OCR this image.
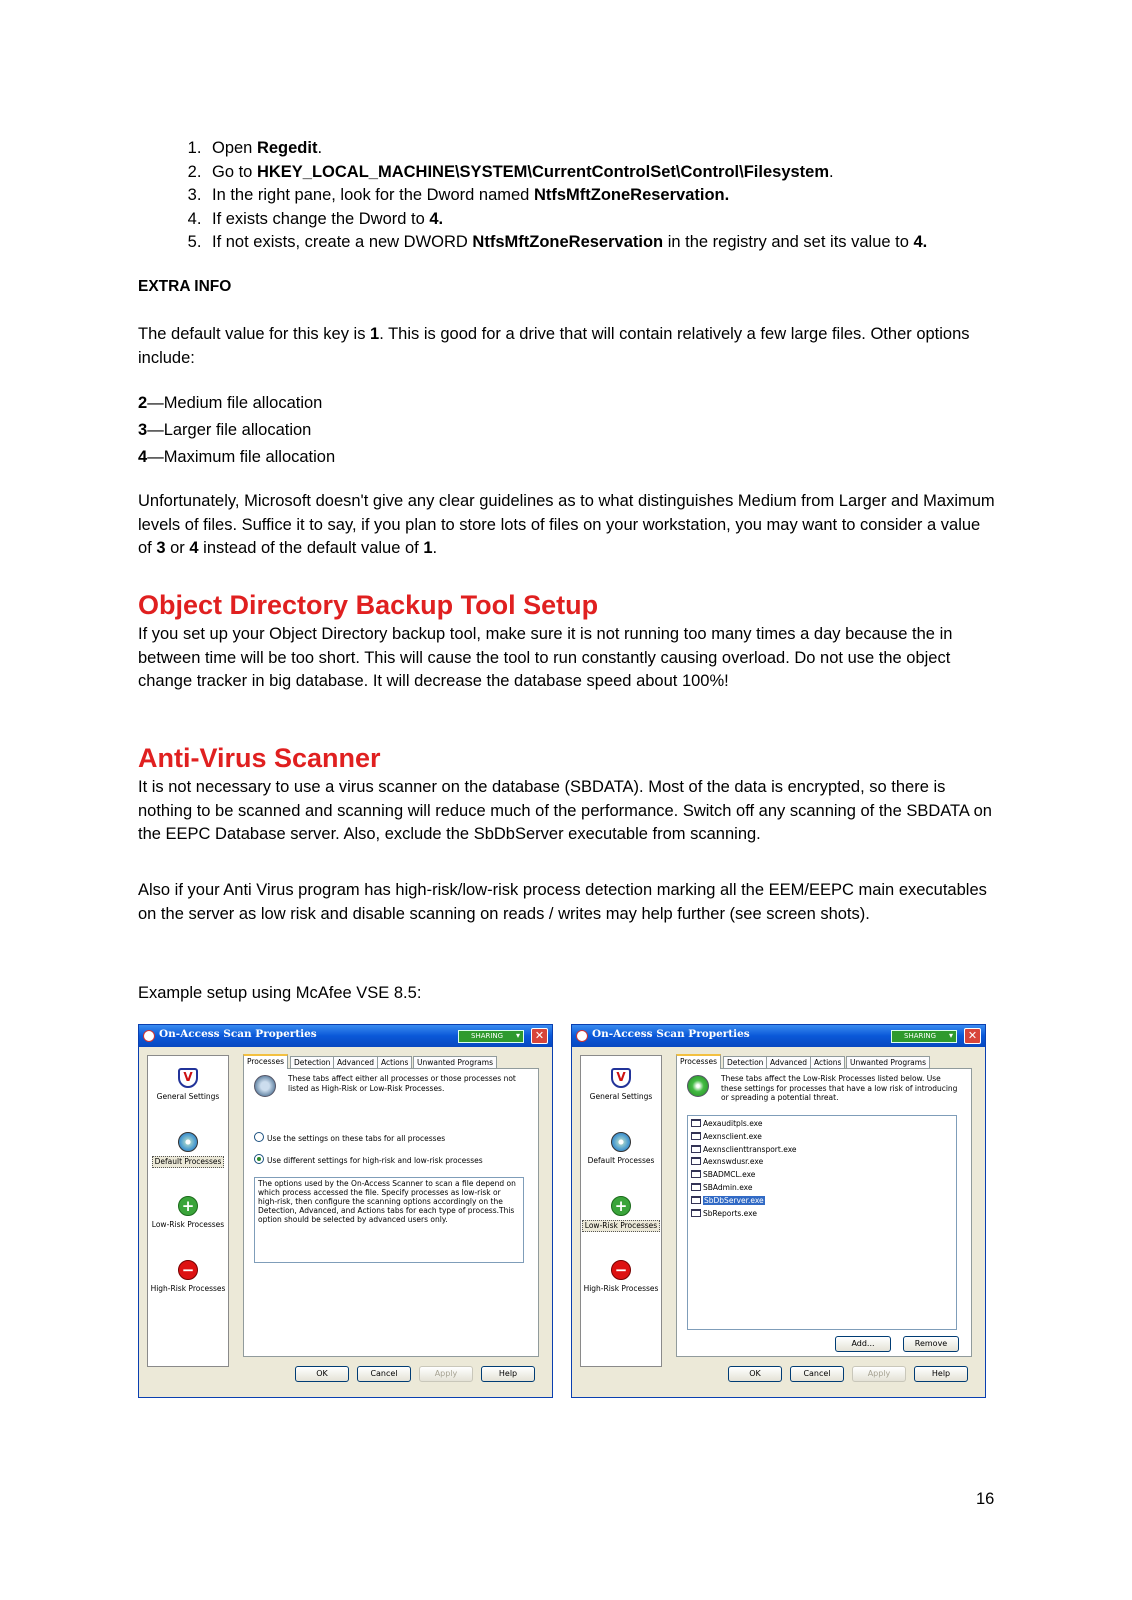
1. Open Regedit.
2. Go to HKEY_LOCAL_MACHINE\SYSTEM\CurrentControlSet\Control\Filesystem.
3. In the right pane, look for the Dword named NtfsMftZoneReservation.
4. If exists change the Dword to 4.
5. If not exists, create a new DWORD NtfsMftZoneReservation in the registry and set its value to 4.
EXTRA INFO

The default value for this key is 1. This is good for a drive that will contain relatively a few large files. Other options include:

2—Medium file allocation
3—Larger file allocation
4—Maximum file allocation

Unfortunately, Microsoft doesn't give any clear guidelines as to what distinguishes Medium from Larger and Maximum levels of files. Suffice it to say, if you plan to store lots of files on your workstation, you may want to consider a value of 3 or 4 instead of the default value of 1.

Object Directory Backup Tool Setup

If you set up your Object Directory backup tool, make sure it is not running too many times a day because the in between time will be too short. This will cause the tool to run constantly causing overload. Do not use the object change tracker in big database. It will decrease the database speed about 100%!

Anti-Virus Scanner

It is not necessary to use a virus scanner on the database (SBDATA). Most of the data is encrypted, so there is nothing to be scanned and scanning will reduce much of the performance. Switch off any scanning of the SBDATA on the EEPC Database server. Also, exclude the SbDbServer executable from scanning.

Also if your Anti Virus program has high-risk/low-risk process detection marking all the EEM/EEPC main executables on the server as low risk and disable scanning on reads / writes may help further (see screen shots).

Example setup using McAfee VSE 8.5:

On-Access Scan Properties	SHARING ▾	✕
V
General Settings
Default Processes
+
Low-Risk Processes
−
High-Risk Processes
Processes	Detection Advanced Actions	Unwanted Programs
These tabs affect either all processes or those processes not listed as High-Risk or Low-Risk Processes.
Use the settings on these tabs for all processes
Use different settings for high-risk and low-risk processes
The options used by the On-Access Scanner to scan a file depend on which process accessed the file. Specify processes as low-risk or high-risk, then configure the scanning options accordingly on the Detection, Advanced, and Actions tabs for each type of process.This option should be selected by advanced users only.
OK	Cancel	Apply	Help
On-Access Scan Properties	SHARING ▾	✕
V
General Settings
Default Processes
+
Low-Risk Processes
−
High-Risk Processes
Processes	Detection Advanced Actions	Unwanted Programs
These tabs affect the Low-Risk Processes listed below. Use these settings for processes that have a low risk of introducing or spreading a potential threat.
Aexauditpls.exe
Aexnsclient.exe
Aexnsclienttransport.exe
Aexnswdusr.exe
SBADMCL.exe
SBAdmin.exe
SbDbServer.exe
SbReports.exe
Add...	Remove
OK	Cancel	Apply	Help
16
